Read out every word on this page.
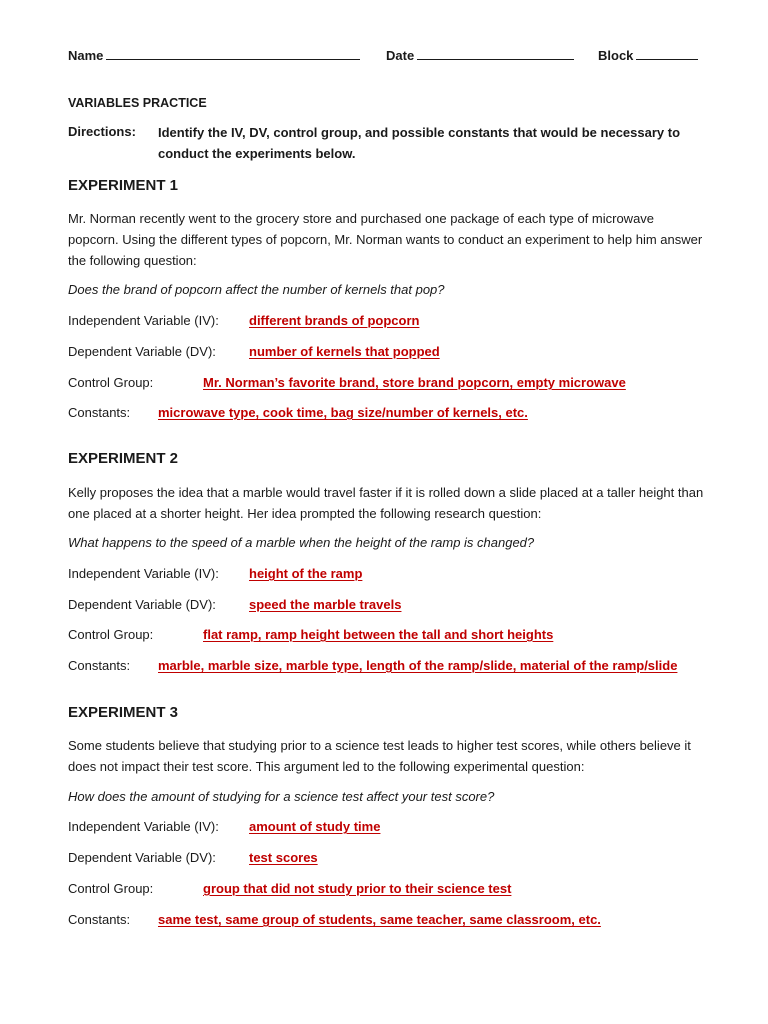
Name	Date	Block
VARIABLES PRACTICE
Directions: Identify the IV, DV, control group, and possible constants that would be necessary to conduct the experiments below.
EXPERIMENT 1
Mr. Norman recently went to the grocery store and purchased one package of each type of microwave popcorn. Using the different types of popcorn, Mr. Norman wants to conduct an experiment to help him answer the following question:
Does the brand of popcorn affect the number of kernels that pop?
Independent Variable (IV): different brands of popcorn
Dependent Variable (DV):	number of kernels that popped
Control Group:	Mr. Norman’s favorite brand, store brand popcorn, empty microwave
Constants: microwave type, cook time, bag size/number of kernels, etc.
EXPERIMENT 2
Kelly proposes the idea that a marble would travel faster if it is rolled down a slide placed at a taller height than one placed at a shorter height. Her idea prompted the following research question:
What happens to the speed of a marble when the height of the ramp is changed?
Independent Variable (IV): height of the ramp
Dependent Variable (DV):	speed the marble travels
Control Group:	flat ramp, ramp height between the tall and short heights
Constants: marble, marble size, marble type, length of the ramp/slide, material of the ramp/slide
EXPERIMENT 3
Some students believe that studying prior to a science test leads to higher test scores, while others believe it does not impact their test score. This argument led to the following experimental question:
How does the amount of studying for a science test affect your test score?
Independent Variable (IV): amount of study time
Dependent Variable (DV):	test scores
Control Group:	group that did not study prior to their science test
Constants: same test, same group of students, same teacher, same classroom, etc.
